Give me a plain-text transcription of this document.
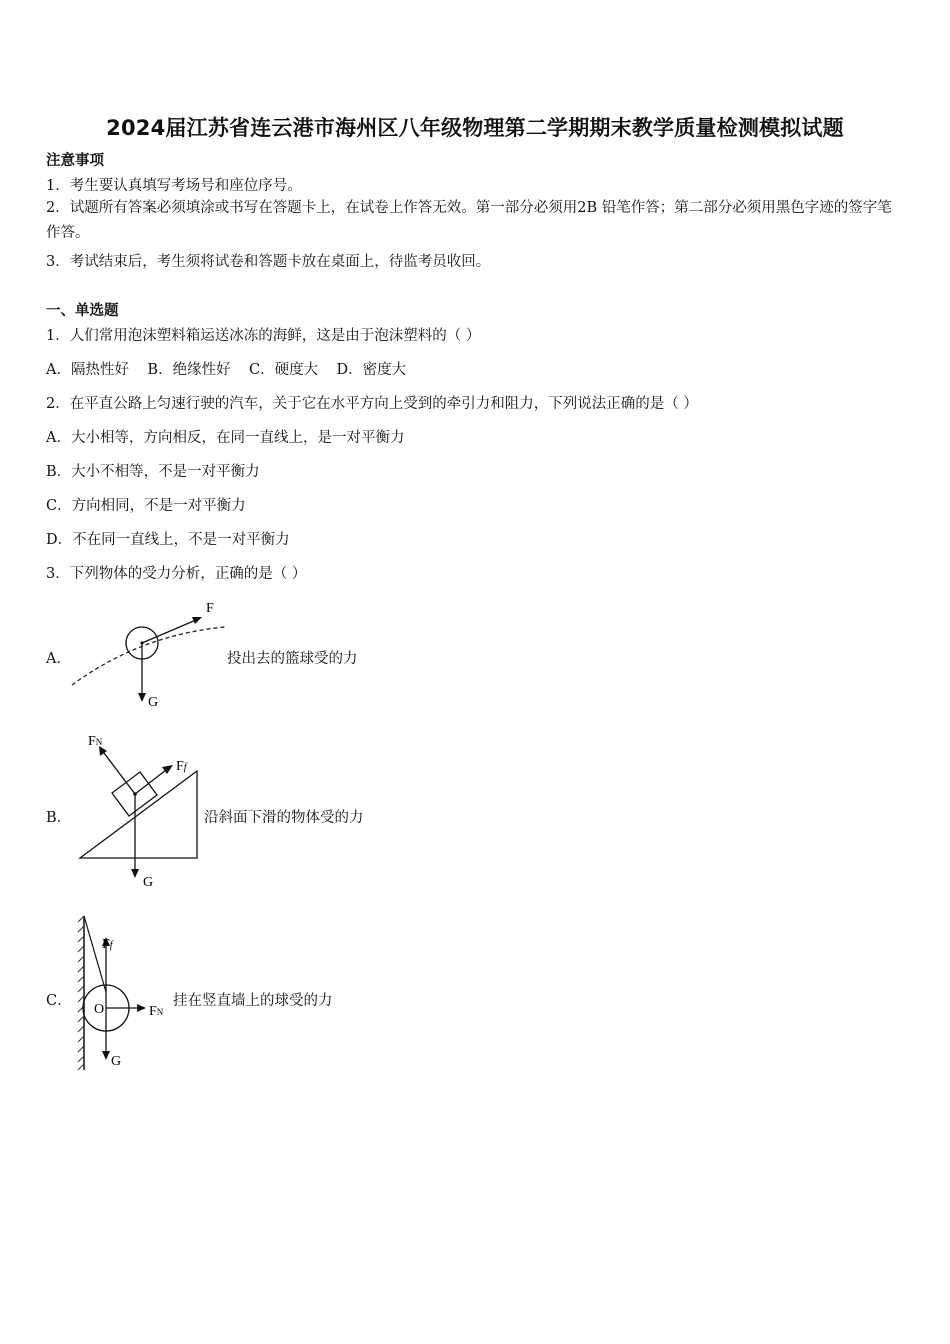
2024届江苏省连云港市海州区八年级物理第二学期期末教学质量检测模拟试题
注意事项
1．考生要认真填写考场号和座位序号。
2．试题所有答案必须填涂或书写在答题卡上，在试卷上作答无效。第一部分必须用2B 铅笔作答；第二部分必须用黑色字迹的签字笔作答。
3．考试结束后，考生须将试卷和答题卡放在桌面上，待监考员收回。
一、单选题
1．人们常用泡沫塑料箱运送冰冻的海鲜，这是由于泡沫塑料的（ ）
A．隔热性好    B．绝缘性好    C．硬度大    D．密度大
2．在平直公路上匀速行驶的汽车，关于它在水平方向上受到的牵引力和阻力，下列说法正确的是（ ）
A．大小相等，方向相反，在同一直线上，是一对平衡力
B．大小不相等，不是一对平衡力
C．方向相同，不是一对平衡力
D．不在同一直线上，不是一对平衡力
3．下列物体的受力分析，正确的是（ ）
A．
F
G
投出去的篮球受的力
B．
FN
Ff
G
沿斜面下滑的物体受的力
C．
Ff
O	FN
G
挂在竖直墙上的球受的力
